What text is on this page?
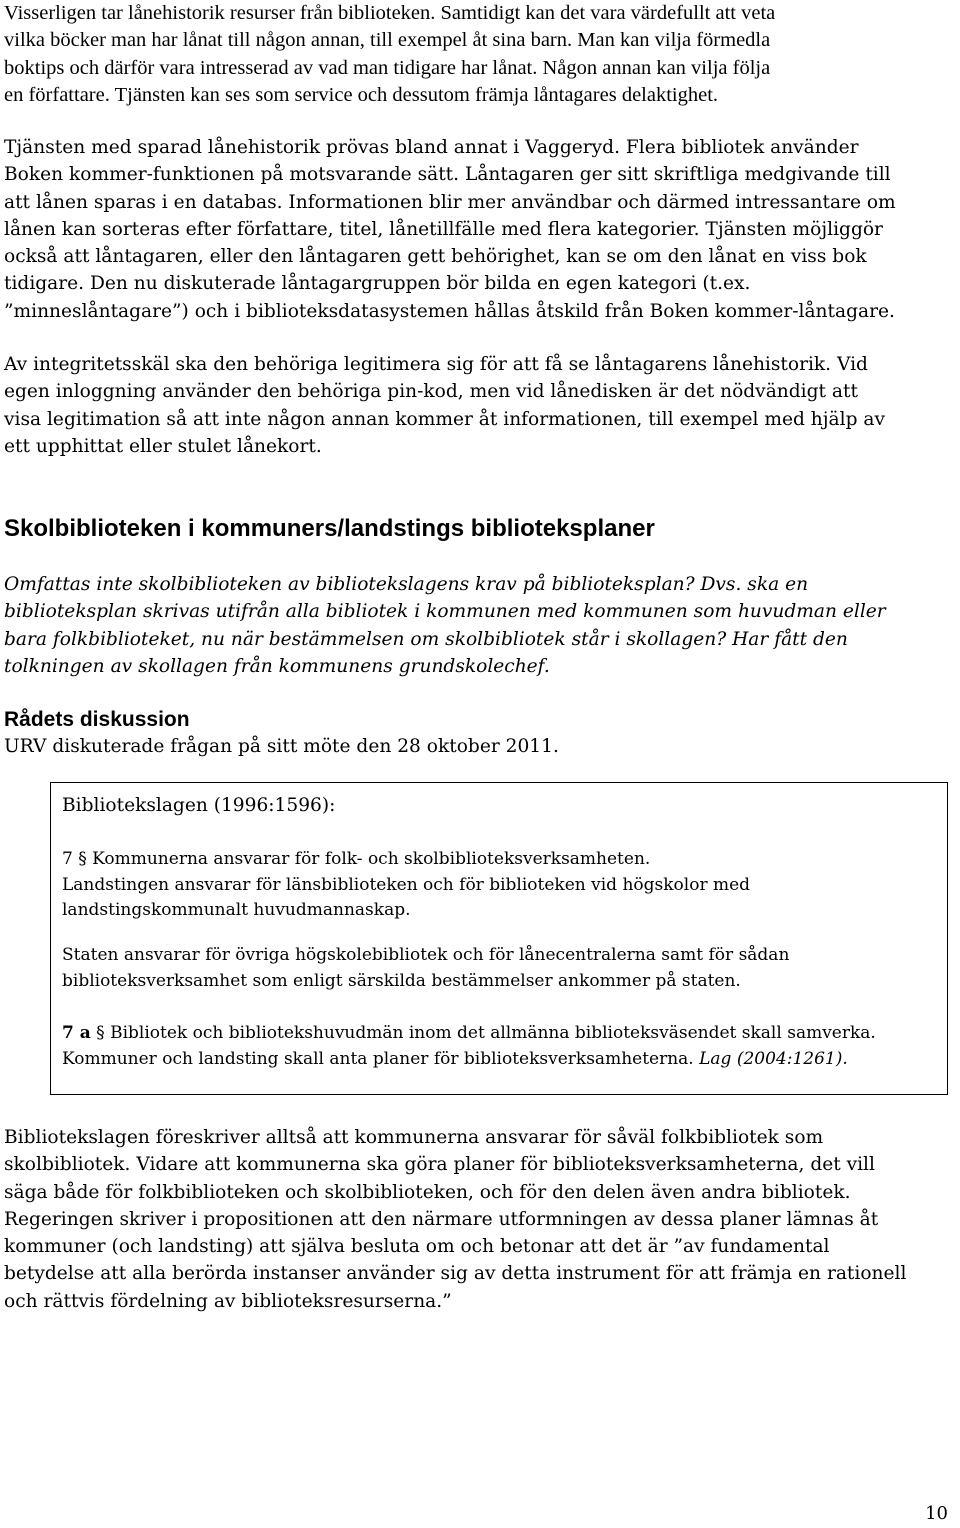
Visserligen tar lånehistorik resurser från biblioteken. Samtidigt kan det vara värdefullt att veta
vilka böcker man har lånat till någon annan, till exempel åt sina barn. Man kan vilja förmedla
boktips och därför vara intresserad av vad man tidigare har lånat. Någon annan kan vilja följa
en författare. Tjänsten kan ses som service och dessutom främja låntagares delaktighet.

Tjänsten med sparad lånehistorik prövas bland annat i Vaggeryd. Flera bibliotek använder
Boken kommer-funktionen på motsvarande sätt. Låntagaren ger sitt skriftliga medgivande till
att lånen sparas i en databas. Informationen blir mer användbar och därmed intressantare om
lånen kan sorteras efter författare, titel, lånetillfälle med flera kategorier. Tjänsten möjliggör
också att låntagaren, eller den låntagaren gett behörighet, kan se om den lånat en viss bok
tidigare. Den nu diskuterade låntagargruppen bör bilda en egen kategori (t.ex.
”minneslåntagare”) och i biblioteksdatasystemen hållas åtskild från Boken kommer-låntagare.

Av integritetsskäl ska den behöriga legitimera sig för att få se låntagarens lånehistorik. Vid
egen inloggning använder den behöriga pin-kod, men vid lånedisken är det nödvändigt att
visa legitimation så att inte någon annan kommer åt informationen, till exempel med hjälp av
ett upphittat eller stulet lånekort.

Skolbiblioteken i kommuners/landstings biblioteksplaner

Omfattas inte skolbiblioteken av bibliotekslagens krav på biblioteksplan? Dvs. ska en
biblioteksplan skrivas utifrån alla bibliotek i kommunen med kommunen som huvudman eller
bara folkbiblioteket, nu när bestämmelsen om skolbibliotek står i skollagen? Har fått den
tolkningen av skollagen från kommunens grundskolechef.

Rådets diskussion

URV diskuterade frågan på sitt möte den 28 oktober 2011.

Bibliotekslagen (1996:1596):

7 § Kommunerna ansvarar för folk- och skolbiblioteksverksamheten.
Landstingen ansvarar för länsbiblioteken och för biblioteken vid högskolor med
landstingskommunalt huvudmannaskap.

Staten ansvarar för övriga högskolebibliotek och för lånecentralerna samt för sådan
biblioteksverksamhet som enligt särskilda bestämmelser ankommer på staten.

7 a § Bibliotek och bibliotekshuvudmän inom det allmänna biblioteksväsendet skall samverka.
Kommuner och landsting skall anta planer för biblioteksverksamheterna. Lag (2004:1261).

Bibliotekslagen föreskriver alltså att kommunerna ansvarar för såväl folkbibliotek som
skolbibliotek. Vidare att kommunerna ska göra planer för biblioteksverksamheterna, det vill
säga både för folkbiblioteken och skolbiblioteken, och för den delen även andra bibliotek.
Regeringen skriver i propositionen att den närmare utformningen av dessa planer lämnas åt
kommuner (och landsting) att själva besluta om och betonar att det är ”av fundamental
betydelse att alla berörda instanser använder sig av detta instrument för att främja en rationell
och rättvis fördelning av biblioteksresurserna.”

10
